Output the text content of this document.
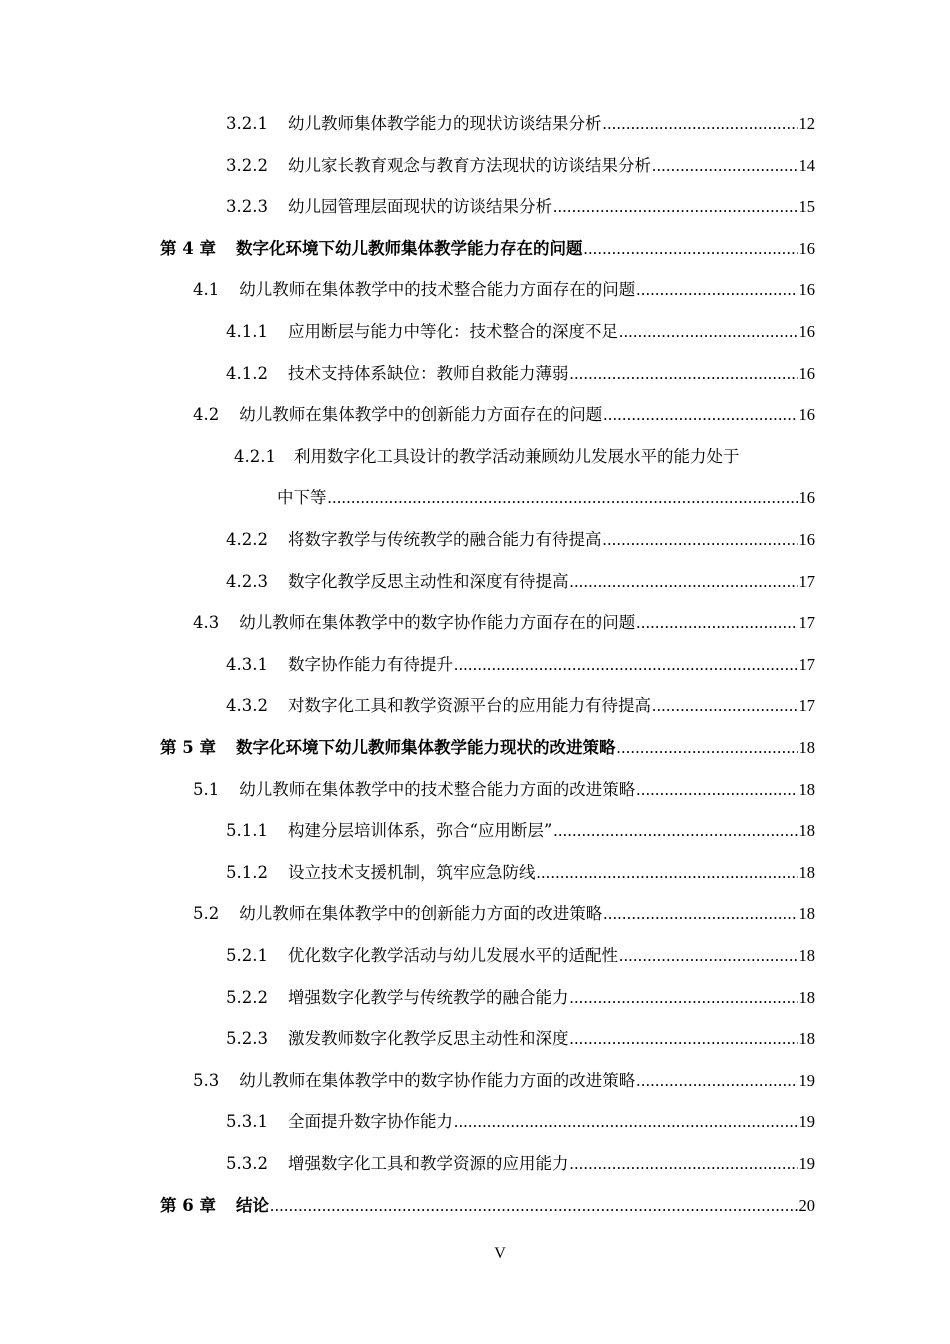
3.2.1 幼儿教师集体教学能力的现状访谈结果分析 .....	12
3.2.2 幼儿家长教育观念与教育方法现状的访谈结果分析 .....	14
3.2.3 幼儿园管理层面现状的访谈结果分析 .....	15
第 4 章 数字化环境下幼儿教师集体教学能力存在的问题 .....	16
4.1 幼儿教师在集体教学中的技术整合能力方面存在的问题 .....	16
4.1.1 应用断层与能力中等化：技术整合的深度不足 .....	16
4.1.2 技术支持体系缺位：教师自救能力薄弱 .....	16
4.2 幼儿教师在集体教学中的创新能力方面存在的问题 .....	16
4.2.1 利用数字化工具设计的教学活动兼顾幼儿发展水平的能力处于
中下等 .....	16
4.2.2 将数字教学与传统教学的融合能力有待提高 .....	16
4.2.3 数字化教学反思主动性和深度有待提高 .....	17
4.3 幼儿教师在集体教学中的数字协作能力方面存在的问题 .....	17
4.3.1 数字协作能力有待提升 .....	17
4.3.2 对数字化工具和教学资源平台的应用能力有待提高 .....	17
第 5 章 数字化环境下幼儿教师集体教学能力现状的改进策略 .....	18
5.1 幼儿教师在集体教学中的技术整合能力方面的改进策略 .....	18
5.1.1 构建分层培训体系，弥合“应用断层” .....	18
5.1.2 设立技术支援机制，筑牢应急防线 .....	18
5.2 幼儿教师在集体教学中的创新能力方面的改进策略 .....	18
5.2.1 优化数字化教学活动与幼儿发展水平的适配性 .....	18
5.2.2 增强数字化教学与传统教学的融合能力 .....	18
5.2.3 激发教师数字化教学反思主动性和深度 .....	18
5.3 幼儿教师在集体教学中的数字协作能力方面的改进策略 .....	19
5.3.1 全面提升数字协作能力 .....	19
5.3.2 增强数字化工具和教学资源的应用能力 .....	19
第 6 章 结论 .....	20
V
